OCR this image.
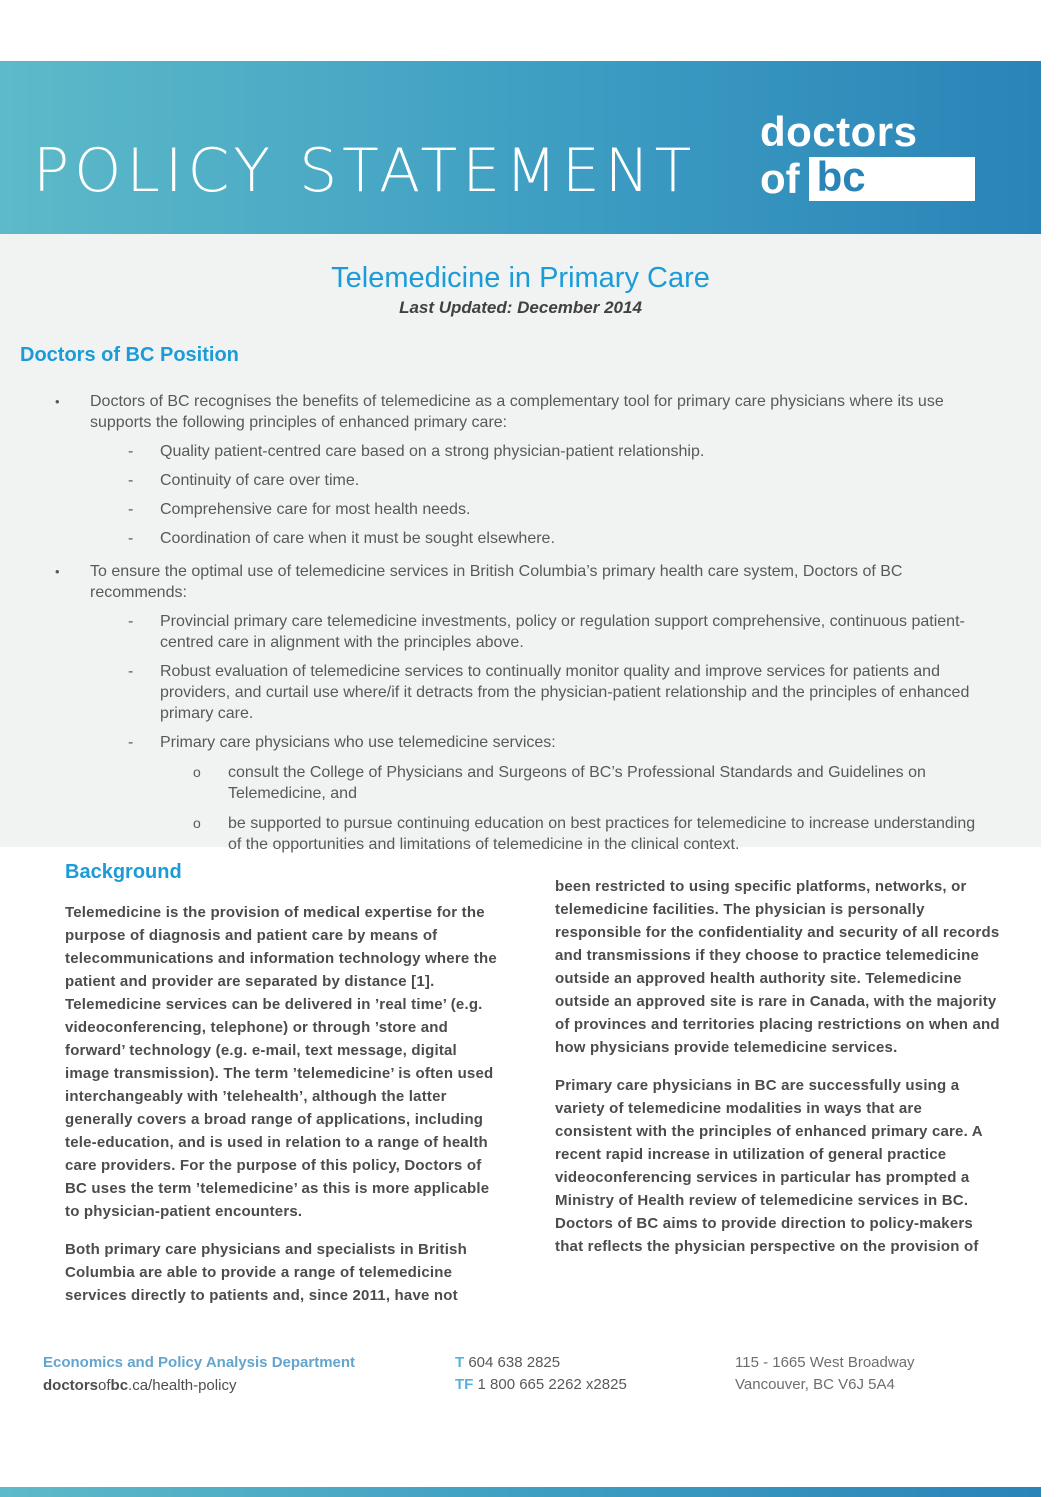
POLICY STATEMENT
doctors
of bc
Telemedicine in Primary Care
Last Updated: December 2014
Doctors of BC Position
•	Doctors of BC recognises the benefits of telemedicine as a complementary tool for primary care physicians where its use supports the following principles of enhanced primary care:
-	Quality patient-centred care based on a strong physician-patient relationship.
-	Continuity of care over time.
-	Comprehensive care for most health needs.
-	Coordination of care when it must be sought elsewhere.
•	To ensure the optimal use of telemedicine services in British Columbia’s primary health care system, Doctors of BC recommends:
-	Provincial primary care telemedicine investments, policy or regulation support comprehensive, continuous patient-centred care in alignment with the principles above.
-	Robust evaluation of telemedicine services to continually monitor quality and improve services for patients and providers, and curtail use where/if it detracts from the physician-patient relationship and the principles of enhanced primary care.
-	Primary care physicians who use telemedicine services:
o	consult the College of Physicians and Surgeons of BC’s Professional Standards and Guidelines on Telemedicine, and
o	be supported to pursue continuing education on best practices for telemedicine to increase understanding of the opportunities and limitations of telemedicine in the clinical context.
Background

Telemedicine is the provision of medical expertise for the purpose of diagnosis and patient care by means of telecommunications and information technology where the patient and provider are separated by distance [1]. Telemedicine services can be delivered in ’real time’ (e.g. videoconferencing, telephone) or through ’store and forward’ technology (e.g. e-mail, text message, digital image transmission). The term ’telemedicine’ is often used interchangeably with ’telehealth’, although the latter generally covers a broad range of applications, including tele-education, and is used in relation to a range of health care providers. For the purpose of this policy, Doctors of BC uses the term ’telemedicine’ as this is more applicable to physician-patient encounters.

Both primary care physicians and specialists in British Columbia are able to provide a range of telemedicine services directly to patients and, since 2011, have not

been restricted to using specific platforms, networks, or telemedicine facilities. The physician is personally responsible for the confidentiality and security of all records and transmissions if they choose to practice telemedicine outside an approved health authority site. Telemedicine outside an approved site is rare in Canada, with the majority of provinces and territories placing restrictions on when and how physicians provide telemedicine services.

Primary care physicians in BC are successfully using a variety of telemedicine modalities in ways that are consistent with the principles of enhanced primary care. A recent rapid increase in utilization of general practice videoconferencing services in particular has prompted a Ministry of Health review of telemedicine services in BC. Doctors of BC aims to provide direction to policy-makers that reflects the physician perspective on the provision of

Economics and Policy Analysis Department
doctorsofbc.ca/health-policy
T 604 638 2825
TF 1 800 665 2262 x2825
115 - 1665 West Broadway
Vancouver, BC V6J 5A4
